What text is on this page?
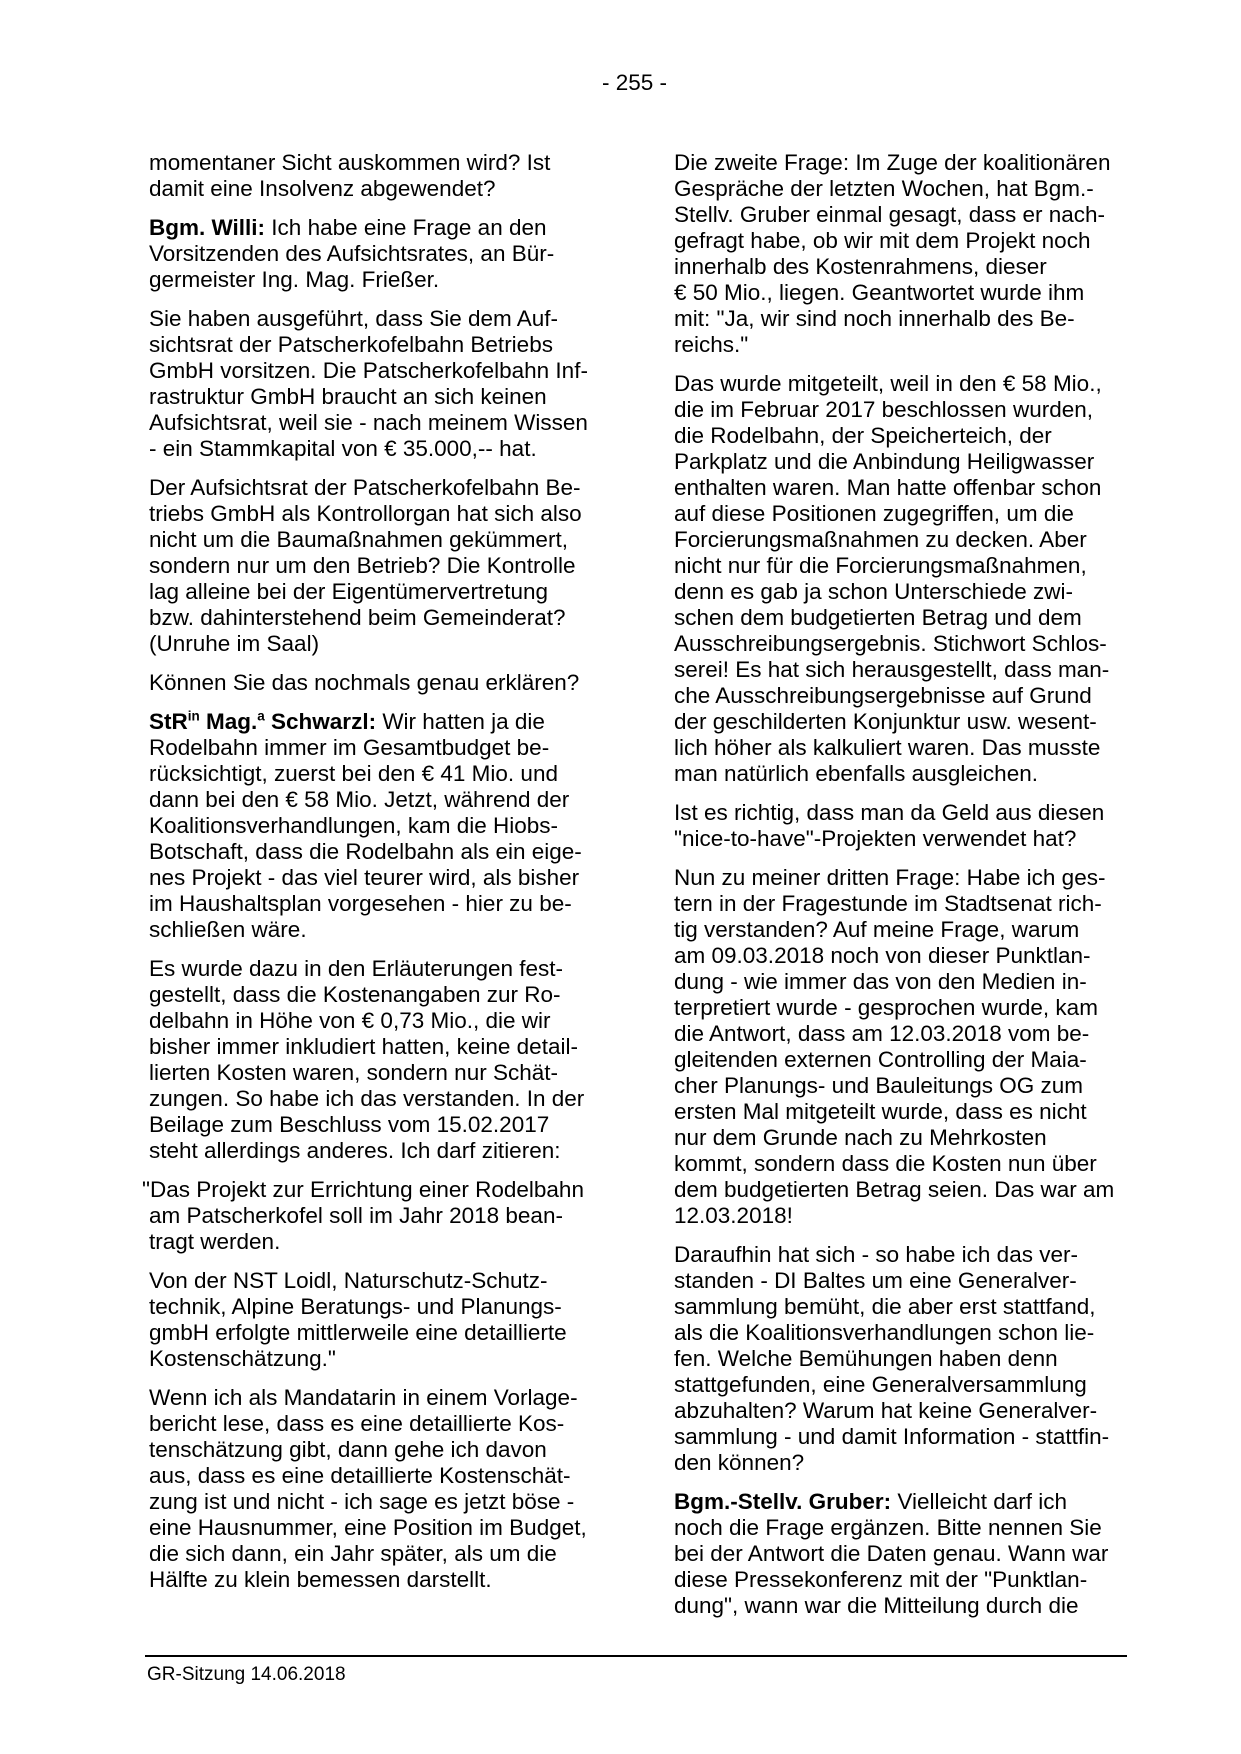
- 255 -
momentaner Sicht auskommen wird? Ist
damit eine Insolvenz abgewendet?
Bgm. Willi: Ich habe eine Frage an den
Vorsitzenden des Aufsichtsrates, an Bür-
germeister Ing. Mag. Frießer.
Sie haben ausgeführt, dass Sie dem Auf-
sichtsrat der Patscherkofelbahn Betriebs
GmbH vorsitzen. Die Patscherkofelbahn Inf-
rastruktur GmbH braucht an sich keinen
Aufsichtsrat, weil sie - nach meinem Wissen
- ein Stammkapital von € 35.000,-- hat.
Der Aufsichtsrat der Patscherkofelbahn Be-
triebs GmbH als Kontrollorgan hat sich also
nicht um die Baumaßnahmen gekümmert,
sondern nur um den Betrieb? Die Kontrolle
lag alleine bei der Eigentümervertretung
bzw. dahinterstehend beim Gemeinderat?
(Unruhe im Saal)
Können Sie das nochmals genau erklären?
StR$^{in}$ Mag.$^a$ Schwarzl: Wir hatten ja die
Rodelbahn immer im Gesamtbudget be-
rücksichtigt, zuerst bei den € 41 Mio. und
dann bei den € 58 Mio. Jetzt, während der
Koalitionsverhandlungen, kam die Hiobs-
Botschaft, dass die Rodelbahn als ein eige-
nes Projekt - das viel teurer wird, als bisher
im Haushaltsplan vorgesehen - hier zu be-
schließen wäre.
Es wurde dazu in den Erläuterungen fest-
gestellt, dass die Kostenangaben zur Ro-
delbahn in Höhe von € 0,73 Mio., die wir
bisher immer inkludiert hatten, keine detail-
lierten Kosten waren, sondern nur Schät-
zungen. So habe ich das verstanden. In der
Beilage zum Beschluss vom 15.02.2017
steht allerdings anderes. Ich darf zitieren:
"Das Projekt zur Errichtung einer Rodelbahn
am Patscherkofel soll im Jahr 2018 bean-
tragt werden.
Von der NST Loidl, Naturschutz-Schutz-
technik, Alpine Beratungs- und Planungs-
gmbH erfolgte mittlerweile eine detaillierte
Kostenschätzung."
Wenn ich als Mandatarin in einem Vorlage-
bericht lese, dass es eine detaillierte Kos-
tenschätzung gibt, dann gehe ich davon
aus, dass es eine detaillierte Kostenschät-
zung ist und nicht - ich sage es jetzt böse -
eine Hausnummer, eine Position im Budget,
die sich dann, ein Jahr später, als um die
Hälfte zu klein bemessen darstellt.
Die zweite Frage: Im Zuge der koalitionären
Gespräche der letzten Wochen, hat Bgm.-
Stellv. Gruber einmal gesagt, dass er nach-
gefragt habe, ob wir mit dem Projekt noch
innerhalb des Kostenrahmens, dieser
€ 50 Mio., liegen. Geantwortet wurde ihm
mit: "Ja, wir sind noch innerhalb des Be-
reichs."
Das wurde mitgeteilt, weil in den € 58 Mio.,
die im Februar 2017 beschlossen wurden,
die Rodelbahn, der Speicherteich, der
Parkplatz und die Anbindung Heiligwasser
enthalten waren. Man hatte offenbar schon
auf diese Positionen zugegriffen, um die
Forcierungsmaßnahmen zu decken. Aber
nicht nur für die Forcierungsmaßnahmen,
denn es gab ja schon Unterschiede zwi-
schen dem budgetierten Betrag und dem
Ausschreibungsergebnis. Stichwort Schlos-
serei! Es hat sich herausgestellt, dass man-
che Ausschreibungsergebnisse auf Grund
der geschilderten Konjunktur usw. wesent-
lich höher als kalkuliert waren. Das musste
man natürlich ebenfalls ausgleichen.
Ist es richtig, dass man da Geld aus diesen
"nice-to-have"-Projekten verwendet hat?
Nun zu meiner dritten Frage: Habe ich ges-
tern in der Fragestunde im Stadtsenat rich-
tig verstanden? Auf meine Frage, warum
am 09.03.2018 noch von dieser Punktlan-
dung - wie immer das von den Medien in-
terpretiert wurde - gesprochen wurde, kam
die Antwort, dass am 12.03.2018 vom be-
gleitenden externen Controlling der Maia-
cher Planungs- und Bauleitungs OG zum
ersten Mal mitgeteilt wurde, dass es nicht
nur dem Grunde nach zu Mehrkosten
kommt, sondern dass die Kosten nun über
dem budgetierten Betrag seien. Das war am
12.03.2018!
Daraufhin hat sich - so habe ich das ver-
standen - DI Baltes um eine Generalver-
sammlung bemüht, die aber erst stattfand,
als die Koalitionsverhandlungen schon lie-
fen. Welche Bemühungen haben denn
stattgefunden, eine Generalversammlung
abzuhalten? Warum hat keine Generalver-
sammlung - und damit Information - stattfin-
den können?
Bgm.-Stellv. Gruber: Vielleicht darf ich
noch die Frage ergänzen. Bitte nennen Sie
bei der Antwort die Daten genau. Wann war
diese Pressekonferenz mit der "Punktlan-
dung", wann war die Mitteilung durch die
GR-Sitzung 14.06.2018
